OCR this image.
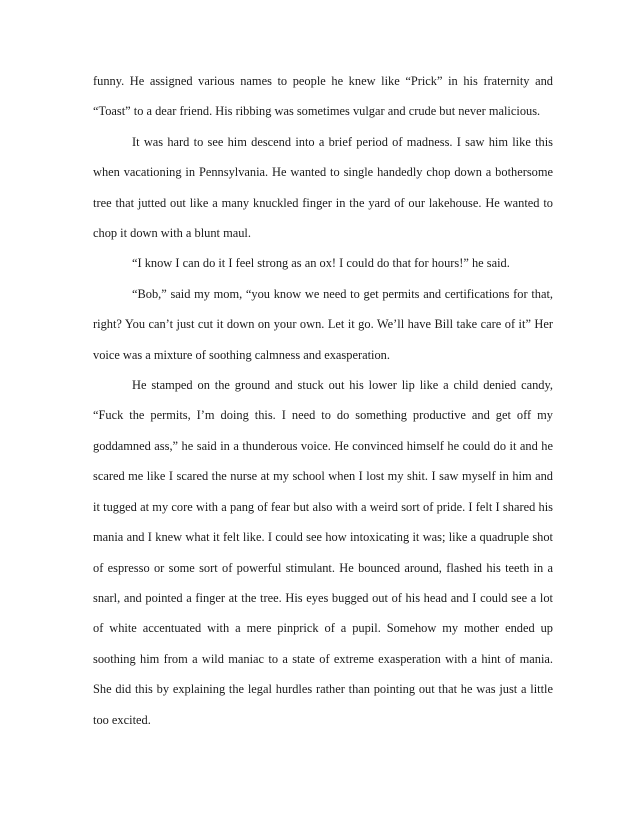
funny. He assigned various names to people he knew like “Prick” in his fraternity and “Toast” to a dear friend. His ribbing was sometimes vulgar and crude but never malicious.

It was hard to see him descend into a brief period of madness. I saw him like this when vacationing in Pennsylvania. He wanted to single handedly chop down a bothersome tree that jutted out like a many knuckled finger in the yard of our lakehouse. He wanted to chop it down with a blunt maul.

“I know I can do it I feel strong as an ox! I could do that for hours!” he said.

“Bob,” said my mom, “you know we need to get permits and certifications for that, right? You can’t just cut it down on your own. Let it go. We’ll have Bill take care of it” Her voice was a mixture of soothing calmness and exasperation.

He stamped on the ground and stuck out his lower lip like a child denied candy, “Fuck the permits, I’m doing this. I need to do something productive and get off my goddamned ass,” he said in a thunderous voice. He convinced himself he could do it and he scared me like I scared the nurse at my school when I lost my shit. I saw myself in him and it tugged at my core with a pang of fear but also with a weird sort of pride. I felt I shared his mania and I knew what it felt like. I could see how intoxicating it was; like a quadruple shot of espresso or some sort of powerful stimulant. He bounced around, flashed his teeth in a snarl, and pointed a finger at the tree. His eyes bugged out of his head and I could see a lot of white accentuated with a mere pinprick of a pupil. Somehow my mother ended up soothing him from a wild maniac to a state of extreme exasperation with a hint of mania. She did this by explaining the legal hurdles rather than pointing out that he was just a little too excited.
